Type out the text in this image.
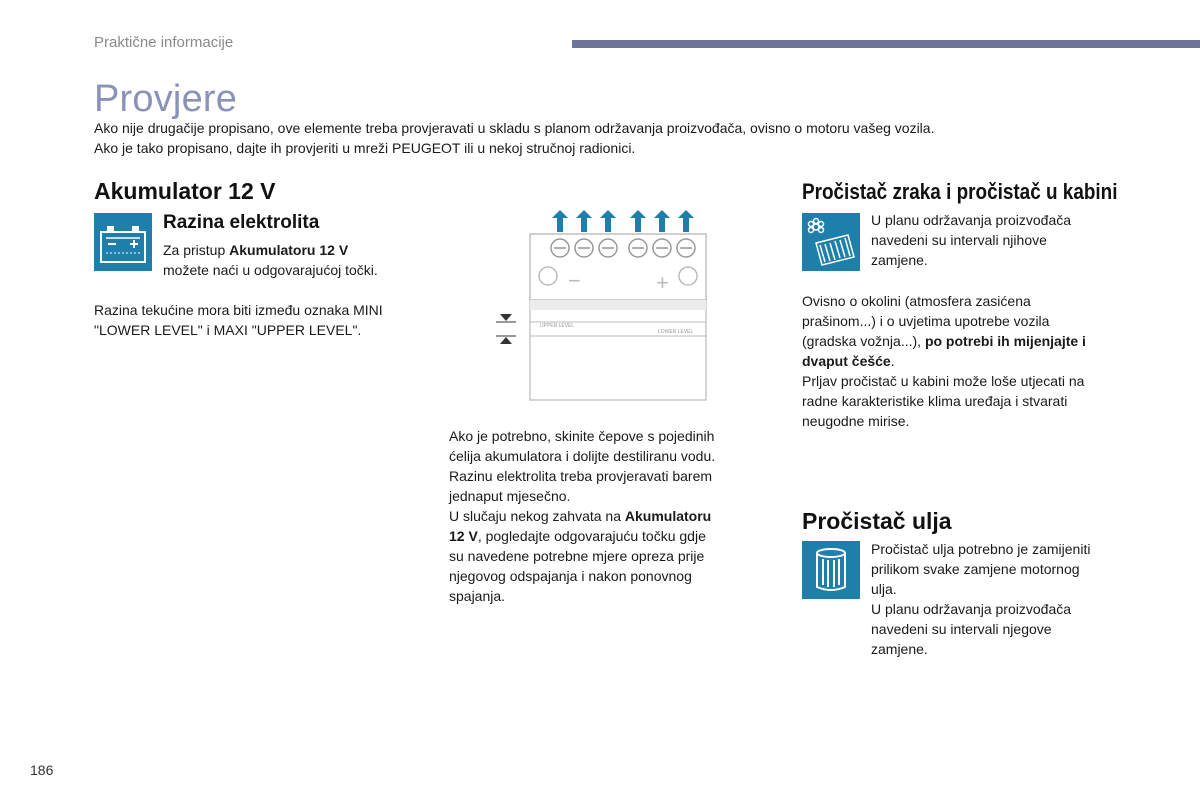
Praktične informacije
Provjere

Ako nije drugačije propisano, ove elemente treba provjeravati u skladu s planom održavanja proizvođača, ovisno o motoru vašeg vozila.

Ako je tako propisano, dajte ih provjeriti u mreži PEUGEOT ili u nekoj stručnoj radionici.

Akumulator 12 V
Razina elektrolita

Za pristup Akumulatoru 12 V

možete naći u odgovarajućoj točki.

Razina tekućine mora biti između oznaka MINI

"LOWER LEVEL" i MAXI "UPPER LEVEL".

−	+
UPPER LEVEL
LOWER LEVEL

Ako je potrebno, skinite čepove s pojedinih

ćelija akumulatora i dolijte destiliranu vodu.

Razinu elektrolita treba provjeravati barem

jednaput mjesečno.

U slučaju nekog zahvata na Akumulatoru

12 V, pogledajte odgovarajuću točku gdje

su navedene potrebne mjere opreza prije

njegovog odspajanja i nakon ponovnog

spajanja.

Pročistač zraka i pročistač u kabini

U planu održavanja proizvođača

navedeni su intervali njihove

zamjene.

Ovisno o okolini (atmosfera zasićena

prašinom...) i o uvjetima upotrebe vozila

(gradska vožnja...), po potrebi ih mijenjajte i

dvaput češće.

Prljav pročistač u kabini može loše utjecati na

radne karakteristike klima uređaja i stvarati

neugodne mirise.

Pročistač ulja

Pročistač ulja potrebno je zamijeniti

prilikom svake zamjene motornog

ulja.

U planu održavanja proizvođača

navedeni su intervali njegove

zamjene.

186
